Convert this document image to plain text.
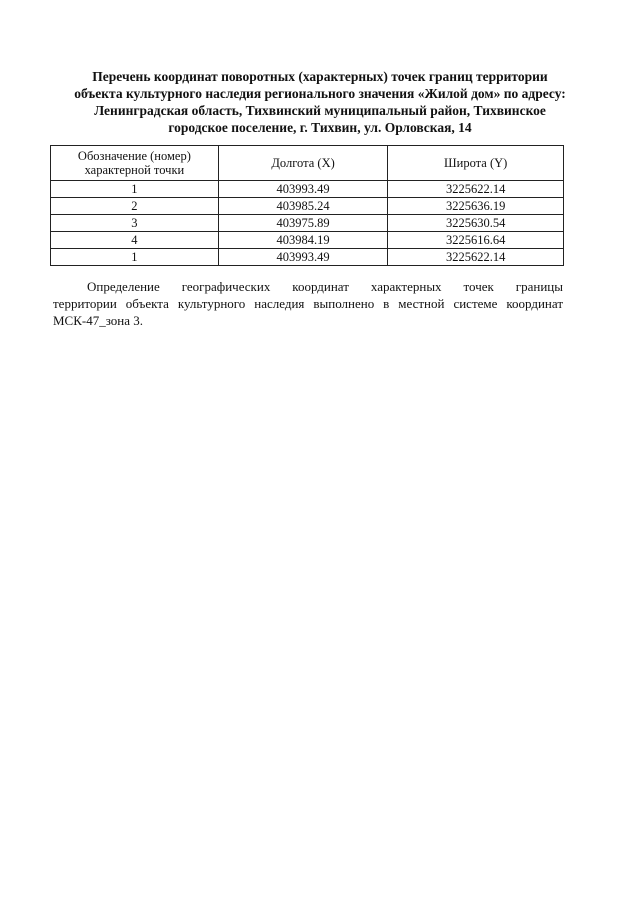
Перечень координат поворотных (характерных) точек границ территории
объекта культурного наследия регионального значения «Жилой дом» по адресу:
Ленинградская область, Тихвинский муниципальный район, Тихвинское
городское поселение, г. Тихвин, ул. Орловская, 14
Обозначение (номер)
характерной точки	Долгота (X)	Широта (Y)
1	403993.49	3225622.14
2	403985.24	3225636.19
3	403975.89	3225630.54
4	403984.19	3225616.64
1	403993.49	3225622.14
Определение географических координат характерных точек границы
территории объекта культурного наследия выполнено в местной системе координат
МСК-47_зона 3.
